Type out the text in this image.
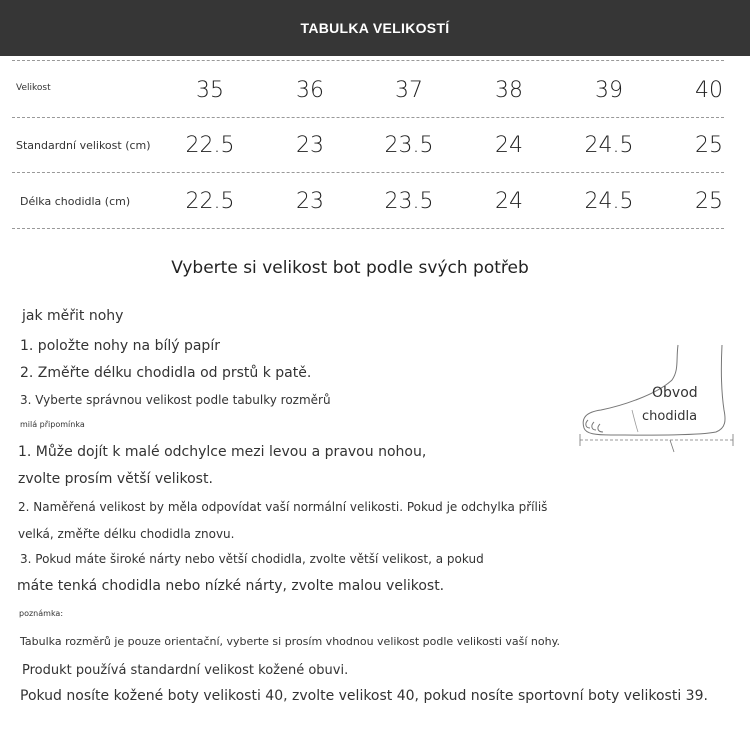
TABULKA VELIKOSTÍ
Velikost	35	36	37	38	39	40
Standardní velikost (cm)	22.5	23	23.5	24	24.5	25
Délka chodidla (cm)	22.5	23	23.5	24	24.5	25
Vyberte si velikost bot podle svých potřeb
jak měřit nohy
1. položte nohy na bílý papír
2. Změřte délku chodidla od prstů k patě.
3. Vyberte správnou velikost podle tabulky rozměrů
milá připomínka
1. Může dojít k malé odchylce mezi levou a pravou nohou,
zvolte prosím větší velikost.
2. Naměřená velikost by měla odpovídat vaší normální velikosti. Pokud je odchylka příliš
velká, změřte délku chodidla znovu.
3. Pokud máte široké nárty nebo větší chodidla, zvolte větší velikost, a pokud
máte tenká chodidla nebo nízké nárty, zvolte malou velikost.
poznámka:
Tabulka rozměrů je pouze orientační, vyberte si prosím vhodnou velikost podle velikosti vaší nohy.
Produkt používá standardní velikost kožené obuvi.
Pokud nosíte kožené boty velikosti 40, zvolte velikost 40, pokud nosíte sportovní boty velikosti 39.
Obvod
chodidla
